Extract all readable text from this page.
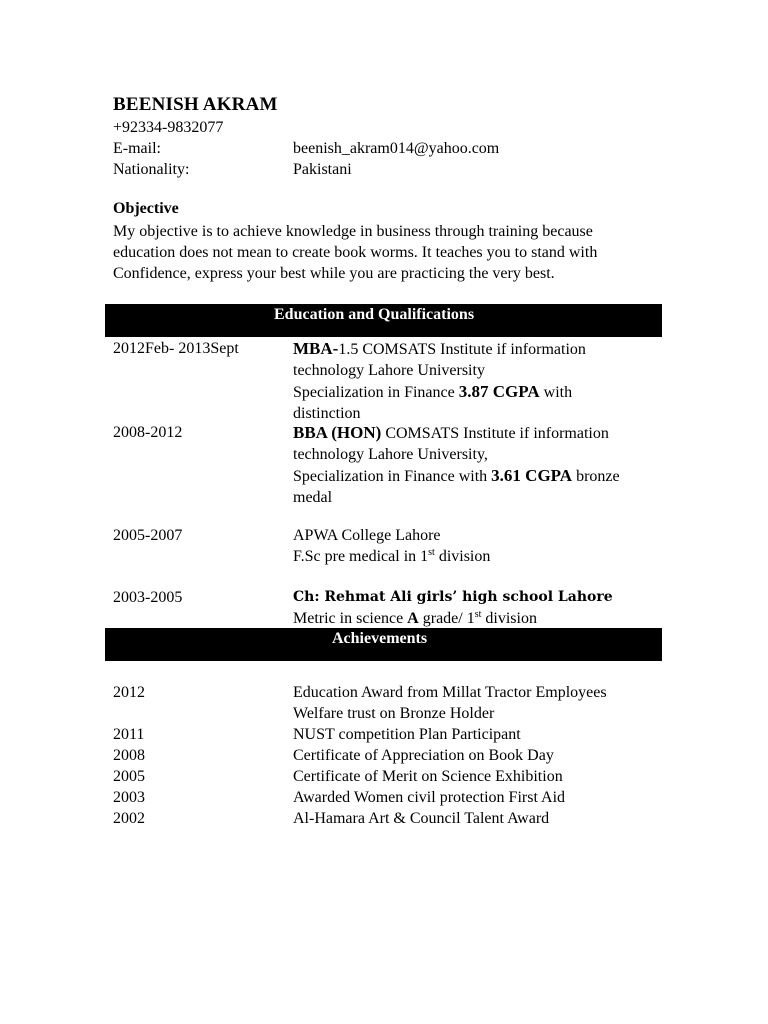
BEENISH AKRAM
+92334-9832077
E-mail:	beenish_akram014@yahoo.com
Nationality:	Pakistani
Objective
My objective is to achieve knowledge in business through training because
education does not mean to create book worms. It teaches you to stand with
Confidence, express your best while you are practicing the very best.
Education and Qualifications
2012Feb- 2013Sept	MBA-1.5 COMSATS Institute if information
technology Lahore University
Specialization in Finance 3.87 CGPA with
distinction
2008-2012	BBA (HON) COMSATS Institute if information
technology Lahore University,
Specialization in Finance with 3.61 CGPA bronze
medal
2005-2007	APWA College Lahore
F.Sc pre medical in 1st division
2003-2005	Ch: Rehmat Ali girls’ high school Lahore
Metric in science A grade/ 1st division
Achievements
2012	Education Award from Millat Tractor Employees
Welfare trust on Bronze Holder
2011	NUST competition Plan Participant
2008	Certificate of Appreciation on Book Day
2005	Certificate of Merit on Science Exhibition
2003	Awarded Women civil protection First Aid
2002	Al-Hamara Art & Council Talent Award
